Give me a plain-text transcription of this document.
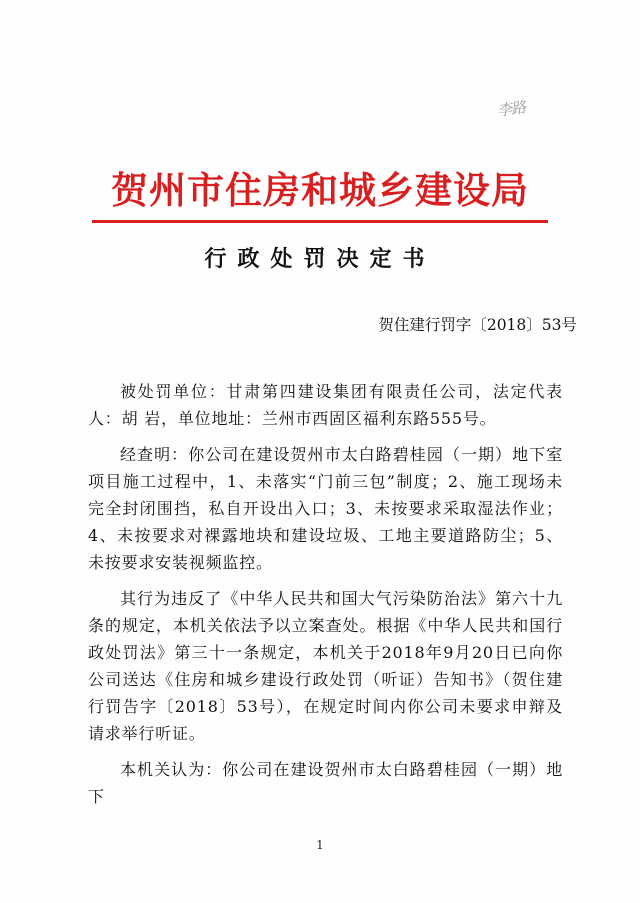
李路
贺州市住房和城乡建设局
行政处罚决定书
贺住建行罚字〔2018〕53号

被处罚单位：甘肃第四建设集团有限责任公司，法定代表人：胡 岩，单位地址：兰州市西固区福利东路555号。

经查明：你公司在建设贺州市太白路碧桂园（一期）地下室项目施工过程中，1、未落实“门前三包”制度；2、施工现场未完全封闭围挡，私自开设出入口；3、未按要求采取湿法作业；4、未按要求对裸露地块和建设垃圾、工地主要道路防尘；5、未按要求安装视频监控。

其行为违反了《中华人民共和国大气污染防治法》第六十九条的规定，本机关依法予以立案查处。根据《中华人民共和国行政处罚法》第三十一条规定，本机关于2018年9月20日已向你公司送达《住房和城乡建设行政处罚（听证）告知书》（贺住建行罚告字〔2018〕53号），在规定时间内你公司未要求申辩及请求举行听证。

本机关认为：你公司在建设贺州市太白路碧桂园（一期）地下

1
